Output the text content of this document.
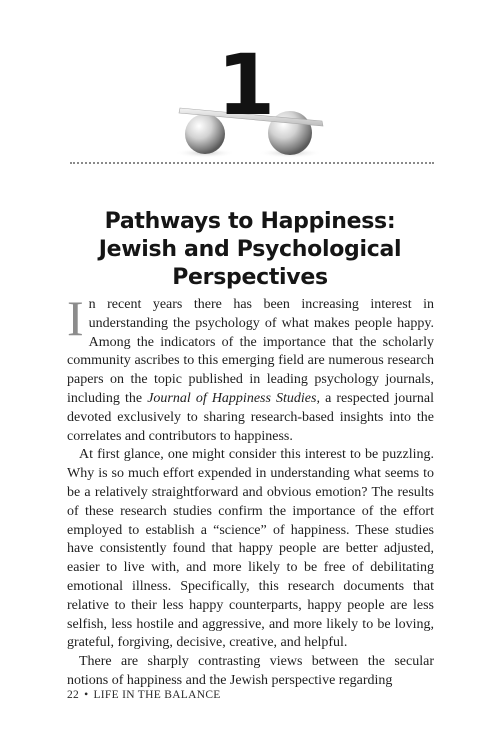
1
Pathways to Happiness:
Jewish and Psychological
Perspectives

In recent years there has been increasing interest in understanding the psychology of what makes people happy. Among the indicators of the importance that the scholarly community ascribes to this emerging field are numerous research papers on the topic published in leading psychology journals, including the Journal of Happiness Studies, a respected journal devoted exclusively to sharing research-based insights into the correlates and contributors to happiness.

At first glance, one might consider this interest to be puzzling. Why is so much effort expended in understanding what seems to be a relatively straightforward and obvious emotion? The results of these research studies confirm the importance of the effort employed to establish a “science” of happiness. These studies have consistently found that happy people are better adjusted, easier to live with, and more likely to be free of debilitating emotional illness. Specifically, this research documents that relative to their less happy counterparts, happy people are less selfish, less hostile and aggressive, and more likely to be loving, grateful, forgiving, decisive, creative, and helpful.

There are sharply contrasting views between the secular notions of happiness and the Jewish perspective regarding

22 • LIFE IN THE BALANCE
